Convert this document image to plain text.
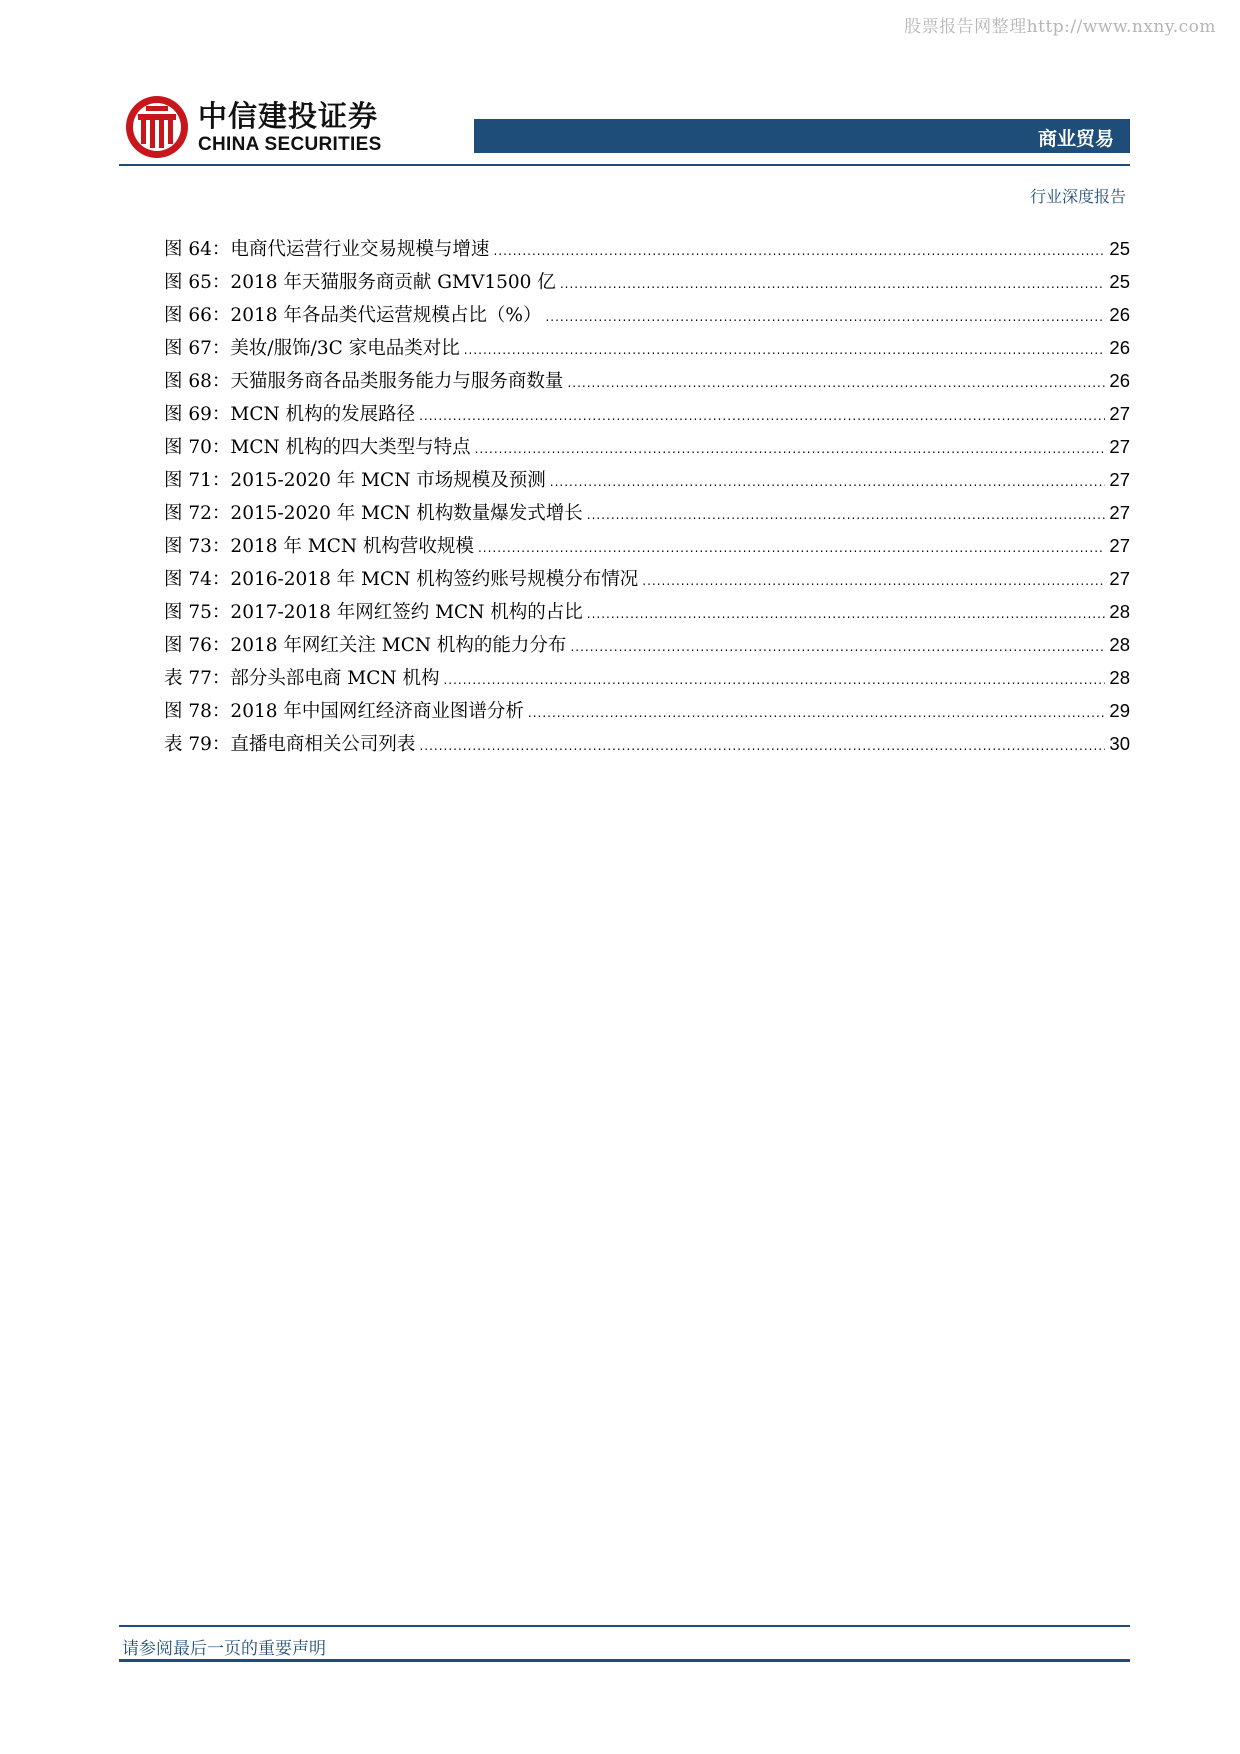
股票报告网整理http://www.nxny.com
中信建投证券
CHINA SECURITIES	商业贸易
行业深度报告
图 64： 电商代运营行业交易规模与增速 .....	25
图 65： 2018 年天猫服务商贡献 GMV1500 亿 .....	25
图 66： 2018 年各品类代运营规模占比（%） .....	26
图 67： 美妆/服饰/3C 家电品类对比 .....	26
图 68： 天猫服务商各品类服务能力与服务商数量 .....	26
图 69： MCN 机构的发展路径 .....	27
图 70： MCN 机构的四大类型与特点 .....	27
图 71： 2015-2020 年 MCN 市场规模及预测 .....	27
图 72： 2015-2020 年 MCN 机构数量爆发式增长 .....	27
图 73： 2018 年 MCN 机构营收规模 .....	27
图 74： 2016-2018 年 MCN 机构签约账号规模分布情况 .....	27
图 75： 2017-2018 年网红签约 MCN 机构的占比 .....	28
图 76： 2018 年网红关注 MCN 机构的能力分布 .....	28
表 77： 部分头部电商 MCN 机构 .....	28
图 78： 2018 年中国网红经济商业图谱分析 .....	29
表 79： 直播电商相关公司列表 .....	30
请参阅最后一页的重要声明
